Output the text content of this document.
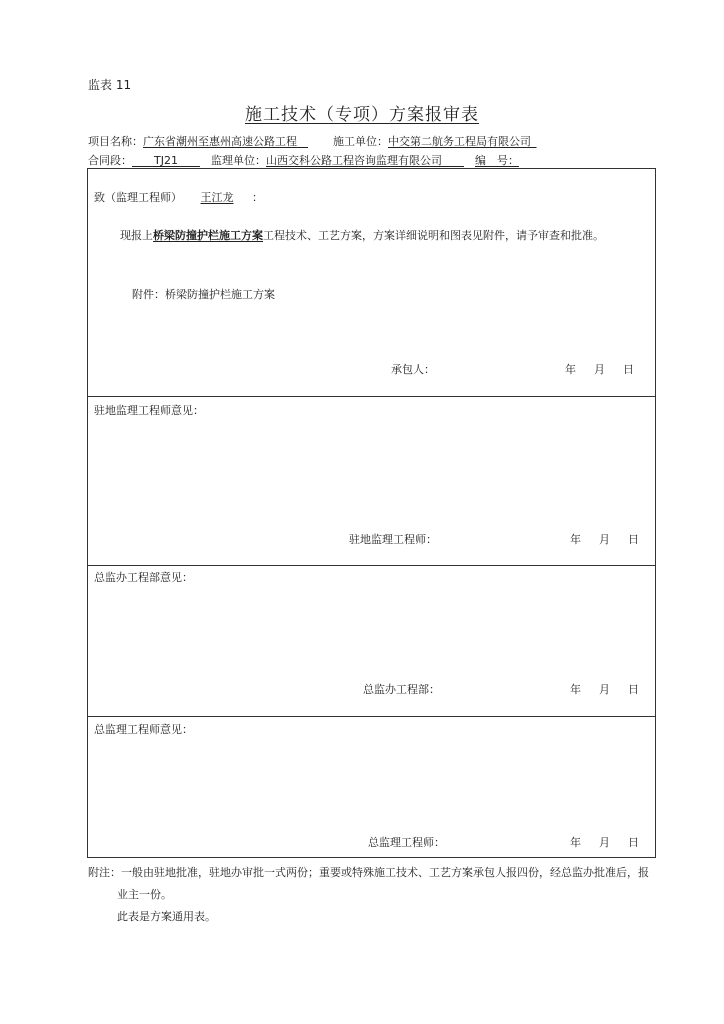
监表 11
施工技术（专项）方案报审表
项目名称：广东省潮州至惠州高速公路工程 	施工单位：中交第二航务工程局有限公司 
合同段：   TJ21  	监理单位：山西交科公路工程咨询监理有限公司  	编　号：
致（监理工程师） 王江龙 ：
现报上桥梁防撞护栏施工方案工程技术、工艺方案，方案详细说明和图表见附件，请予审查和批准。
附件：桥梁防撞护栏施工方案
承包人：	年 月 日
驻地监理工程师意见：
驻地监理工程师：	年 月 日
总监办工程部意见：
总监办工程部：	年 月 日
总监理工程师意见：
总监理工程师：	年 月 日
附注：一般由驻地批准，驻地办审批一式两份；重要或特殊施工技术、工艺方案承包人报四份，经总监办批准后，报
业主一份。
此表是方案通用表。
